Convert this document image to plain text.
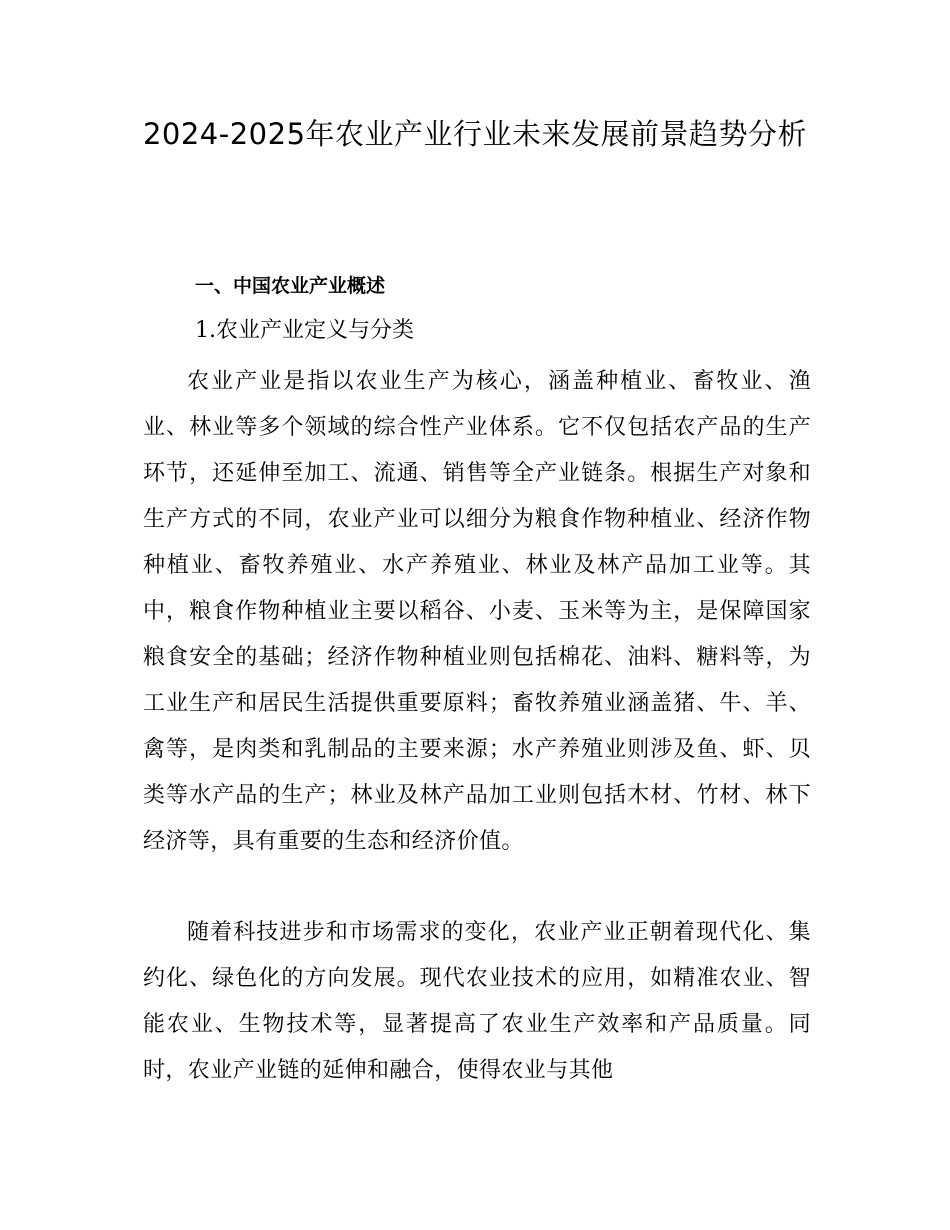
2024-2025年农业产业行业未来发展前景趋势分析
一、中国农业产业概述
1.农业产业定义与分类

农业产业是指以农业生产为核心，涵盖种植业、畜牧业、渔业、林业等多个领域的综合性产业体系。它不仅包括农产品的生产环节，还延伸至加工、流通、销售等全产业链条。根据生产对象和生产方式的不同，农业产业可以细分为粮食作物种植业、经济作物种植业、畜牧养殖业、水产养殖业、林业及林产品加工业等。其中，粮食作物种植业主要以稻谷、小麦、玉米等为主，是保障国家粮食安全的基础；经济作物种植业则包括棉花、油料、糖料等，为工业生产和居民生活提供重要原料；畜牧养殖业涵盖猪、牛、羊、禽等，是肉类和乳制品的主要来源；水产养殖业则涉及鱼、虾、贝类等水产品的生产；林业及林产品加工业则包括木材、竹材、林下经济等，具有重要的生态和经济价值。

随着科技进步和市场需求的变化，农业产业正朝着现代化、集约化、绿色化的方向发展。现代农业技术的应用，如精准农业、智能农业、生物技术等，显著提高了农业生产效率和产品质量。同时，农业产业链的延伸和融合，使得农业与其他
